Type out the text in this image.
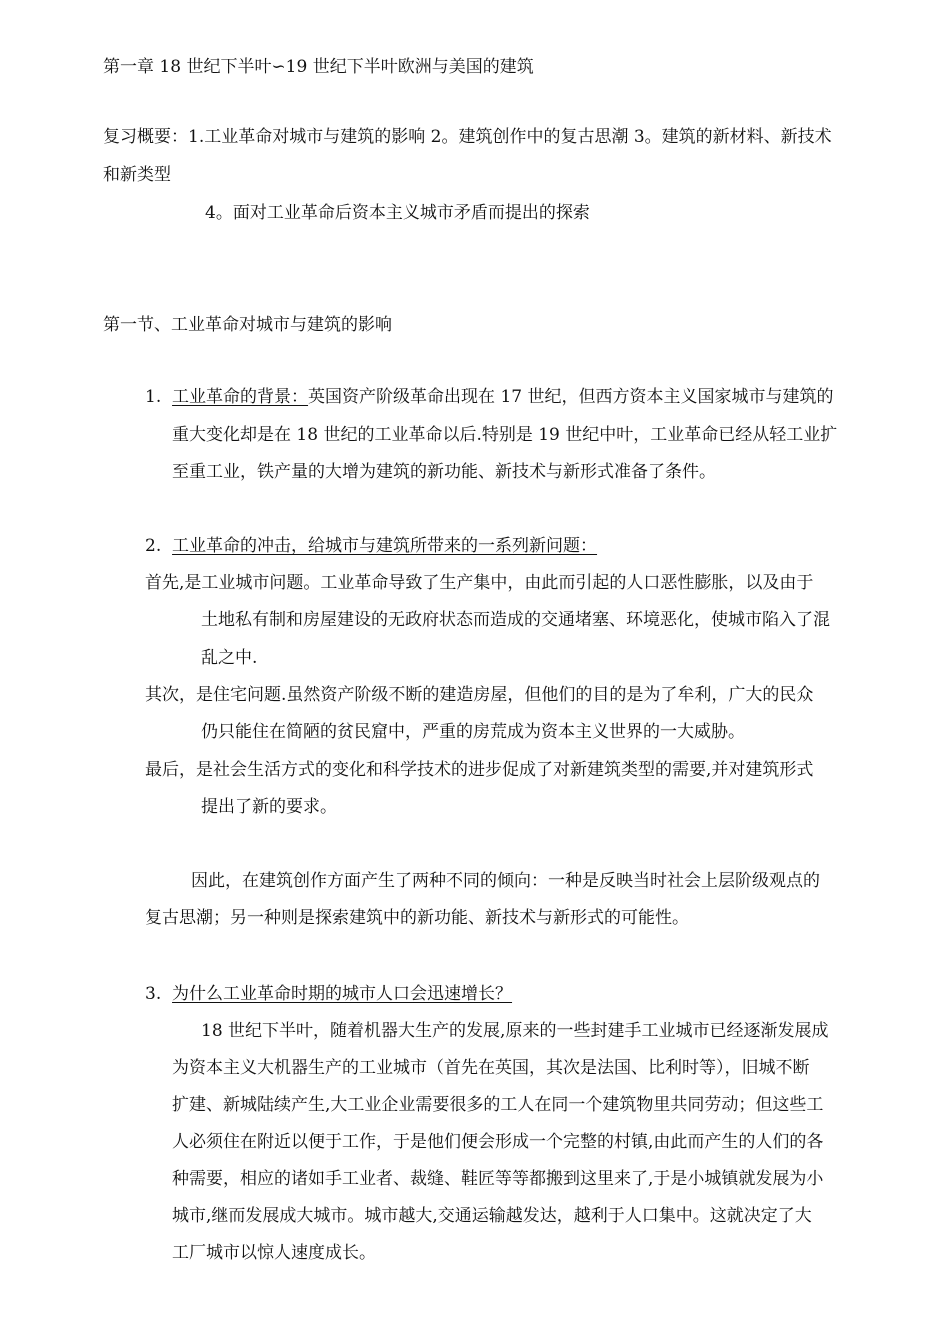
第一章 18 世纪下半叶∽19 世纪下半叶欧洲与美国的建筑
复习概要：1.工业革命对城市与建筑的影响 2。建筑创作中的复古思潮 3。建筑的新材料、新技术
和新类型
4。面对工业革命后资本主义城市矛盾而提出的探索
第一节、工业革命对城市与建筑的影响
1. 工业革命的背景：英国资产阶级革命出现在 17 世纪，但西方资本主义国家城市与建筑的
重大变化却是在 18 世纪的工业革命以后.特别是 19 世纪中叶，工业革命已经从轻工业扩
至重工业，铁产量的大增为建筑的新功能、新技术与新形式准备了条件。
2. 工业革命的冲击，给城市与建筑所带来的一系列新问题：
首先,是工业城市问题。工业革命导致了生产集中，由此而引起的人口恶性膨胀，以及由于
土地私有制和房屋建设的无政府状态而造成的交通堵塞、环境恶化，使城市陷入了混
乱之中.
其次，是住宅问题.虽然资产阶级不断的建造房屋，但他们的目的是为了牟利，广大的民众
仍只能住在简陋的贫民窟中，严重的房荒成为资本主义世界的一大威胁。
最后，是社会生活方式的变化和科学技术的进步促成了对新建筑类型的需要,并对建筑形式
提出了新的要求。
因此，在建筑创作方面产生了两种不同的倾向：一种是反映当时社会上层阶级观点的
复古思潮；另一种则是探索建筑中的新功能、新技术与新形式的可能性。
3. 为什么工业革命时期的城市人口会迅速增长？
18 世纪下半叶，随着机器大生产的发展,原来的一些封建手工业城市已经逐渐发展成
为资本主义大机器生产的工业城市（首先在英国，其次是法国、比利时等），旧城不断
扩建、新城陆续产生,大工业企业需要很多的工人在同一个建筑物里共同劳动；但这些工
人必须住在附近以便于工作，于是他们便会形成一个完整的村镇,由此而产生的人们的各
种需要，相应的诸如手工业者、裁缝、鞋匠等等都搬到这里来了,于是小城镇就发展为小
城市,继而发展成大城市。城市越大,交通运输越发达，越利于人口集中。这就决定了大
工厂城市以惊人速度成长。
